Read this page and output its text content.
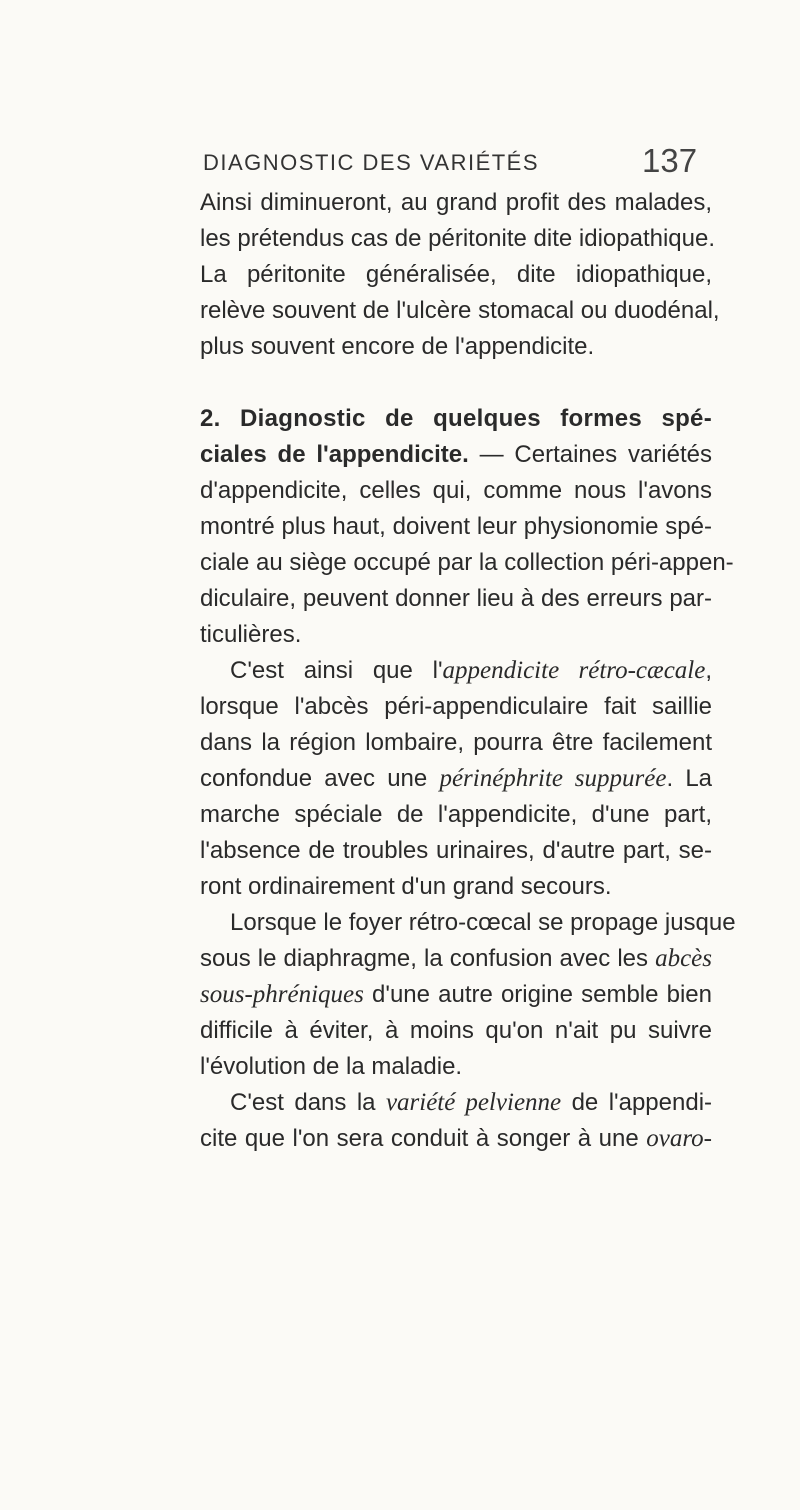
DIAGNOSTIC DES VARIÉTÉS	137
Ainsi diminueront, au grand profit des malades,
les prétendus cas de péritonite dite idiopathique.
La péritonite généralisée, dite idiopathique,
relève souvent de l'ulcère stomacal ou duodénal,
plus souvent encore de l'appendicite.
2. Diagnostic de quelques formes spé-
ciales de l'appendicite. — Certaines variétés
d'appendicite, celles qui, comme nous l'avons
montré plus haut, doivent leur physionomie spé-
ciale au siège occupé par la collection péri-appen-
diculaire, peuvent donner lieu à des erreurs par-
ticulières.
C'est ainsi que l'appendicite rétro-cæcale,
lorsque l'abcès péri-appendiculaire fait saillie
dans la région lombaire, pourra être facilement
confondue avec une périnéphrite suppurée. La
marche spéciale de l'appendicite, d'une part,
l'absence de troubles urinaires, d'autre part, se-
ront ordinairement d'un grand secours.
Lorsque le foyer rétro-cœcal se propage jusque
sous le diaphragme, la confusion avec les abcès
sous-phréniques d'une autre origine semble bien
difficile à éviter, à moins qu'on n'ait pu suivre
l'évolution de la maladie.
C'est dans la variété pelvienne de l'appendi-
cite que l'on sera conduit à songer à une ovaro-
